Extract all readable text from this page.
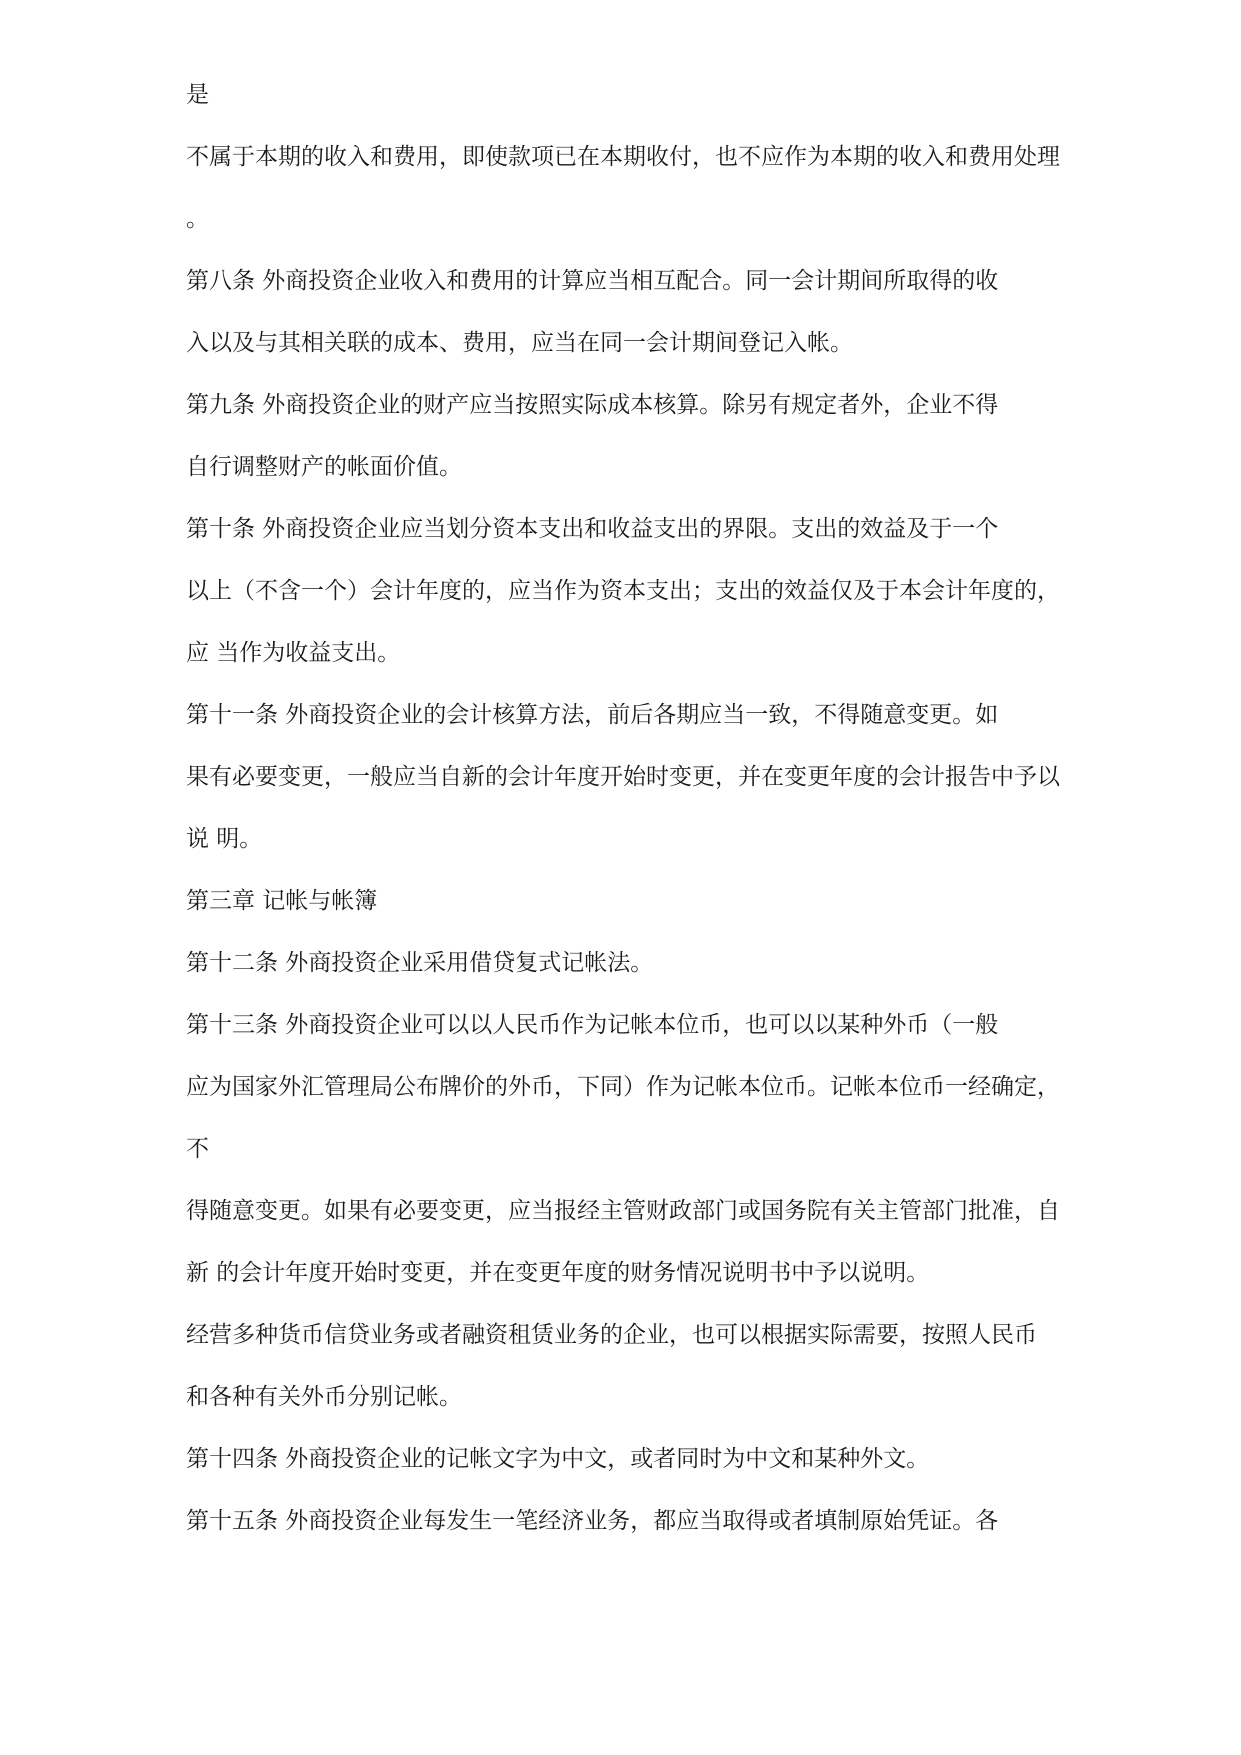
是
不属于本期的收入和费用，即使款项已在本期收付，也不应作为本期的收入和费用处理
。
第八条 外商投资企业收入和费用的计算应当相互配合。同一会计期间所取得的收
入以及与其相关联的成本、费用，应当在同一会计期间登记入帐。
第九条 外商投资企业的财产应当按照实际成本核算。除另有规定者外，企业不得
自行调整财产的帐面价值。
第十条 外商投资企业应当划分资本支出和收益支出的界限。支出的效益及于一个
以上（不含一个）会计年度的，应当作为资本支出；支出的效益仅及于本会计年度的，
应 当作为收益支出。
第十一条 外商投资企业的会计核算方法，前后各期应当一致，不得随意变更。如
果有必要变更，一般应当自新的会计年度开始时变更，并在变更年度的会计报告中予以
说 明。
第三章 记帐与帐簿
第十二条 外商投资企业采用借贷复式记帐法。
第十三条 外商投资企业可以以人民币作为记帐本位币，也可以以某种外币（一般
应为国家外汇管理局公布牌价的外币，下同）作为记帐本位币。记帐本位币一经确定，
不
得随意变更。如果有必要变更，应当报经主管财政部门或国务院有关主管部门批准，自
新 的会计年度开始时变更，并在变更年度的财务情况说明书中予以说明。
经营多种货币信贷业务或者融资租赁业务的企业，也可以根据实际需要，按照人民币
和各种有关外币分别记帐。
第十四条 外商投资企业的记帐文字为中文，或者同时为中文和某种外文。
第十五条 外商投资企业每发生一笔经济业务，都应当取得或者填制原始凭证。各
